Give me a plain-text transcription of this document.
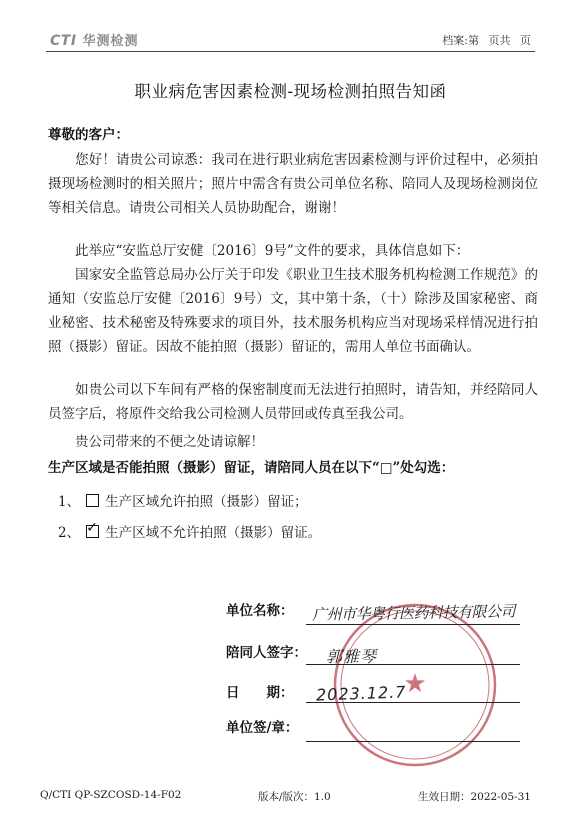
CTI 华测检测	档案:第 页共 页
职业病危害因素检测-现场检测拍照告知函
尊敬的客户：
您好！请贵公司谅悉：我司在进行职业病危害因素检测与评价过程中，必须拍摄现场检测时的相关照片；照片中需含有贵公司单位名称、陪同人及现场检测岗位等相关信息。请贵公司相关人员协助配合，谢谢！
此举应“安监总厅安健〔2016〕9号”文件的要求，具体信息如下：
国家安全监管总局办公厅关于印发《职业卫生技术服务机构检测工作规范》的通知（安监总厅安健〔2016〕9号）文，其中第十条，（十）除涉及国家秘密、商业秘密、技术秘密及特殊要求的项目外，技术服务机构应当对现场采样情况进行拍照（摄影）留证。因故不能拍照（摄影）留证的，需用人单位书面确认。
如贵公司以下车间有严格的保密制度而无法进行拍照时，请告知，并经陪同人员签字后，将原件交给我公司检测人员带回或传真至我公司。
贵公司带来的不便之处请谅解！
生产区域是否能拍照（摄影）留证，请陪同人员在以下“□”处勾选：
1、 生产区域允许拍照（摄影）留证；
2、 ✓ 生产区域不允许拍照（摄影）留证。
★
单位名称： 广州市华粤行医药科技有限公司
陪同人签字： 郭雅琴
日　　期： 2023.12.7
单位签/章：
Q/CTI QP-SZCOSD-14-F02	版本/版次：1.0	生效日期：2022-05-31
